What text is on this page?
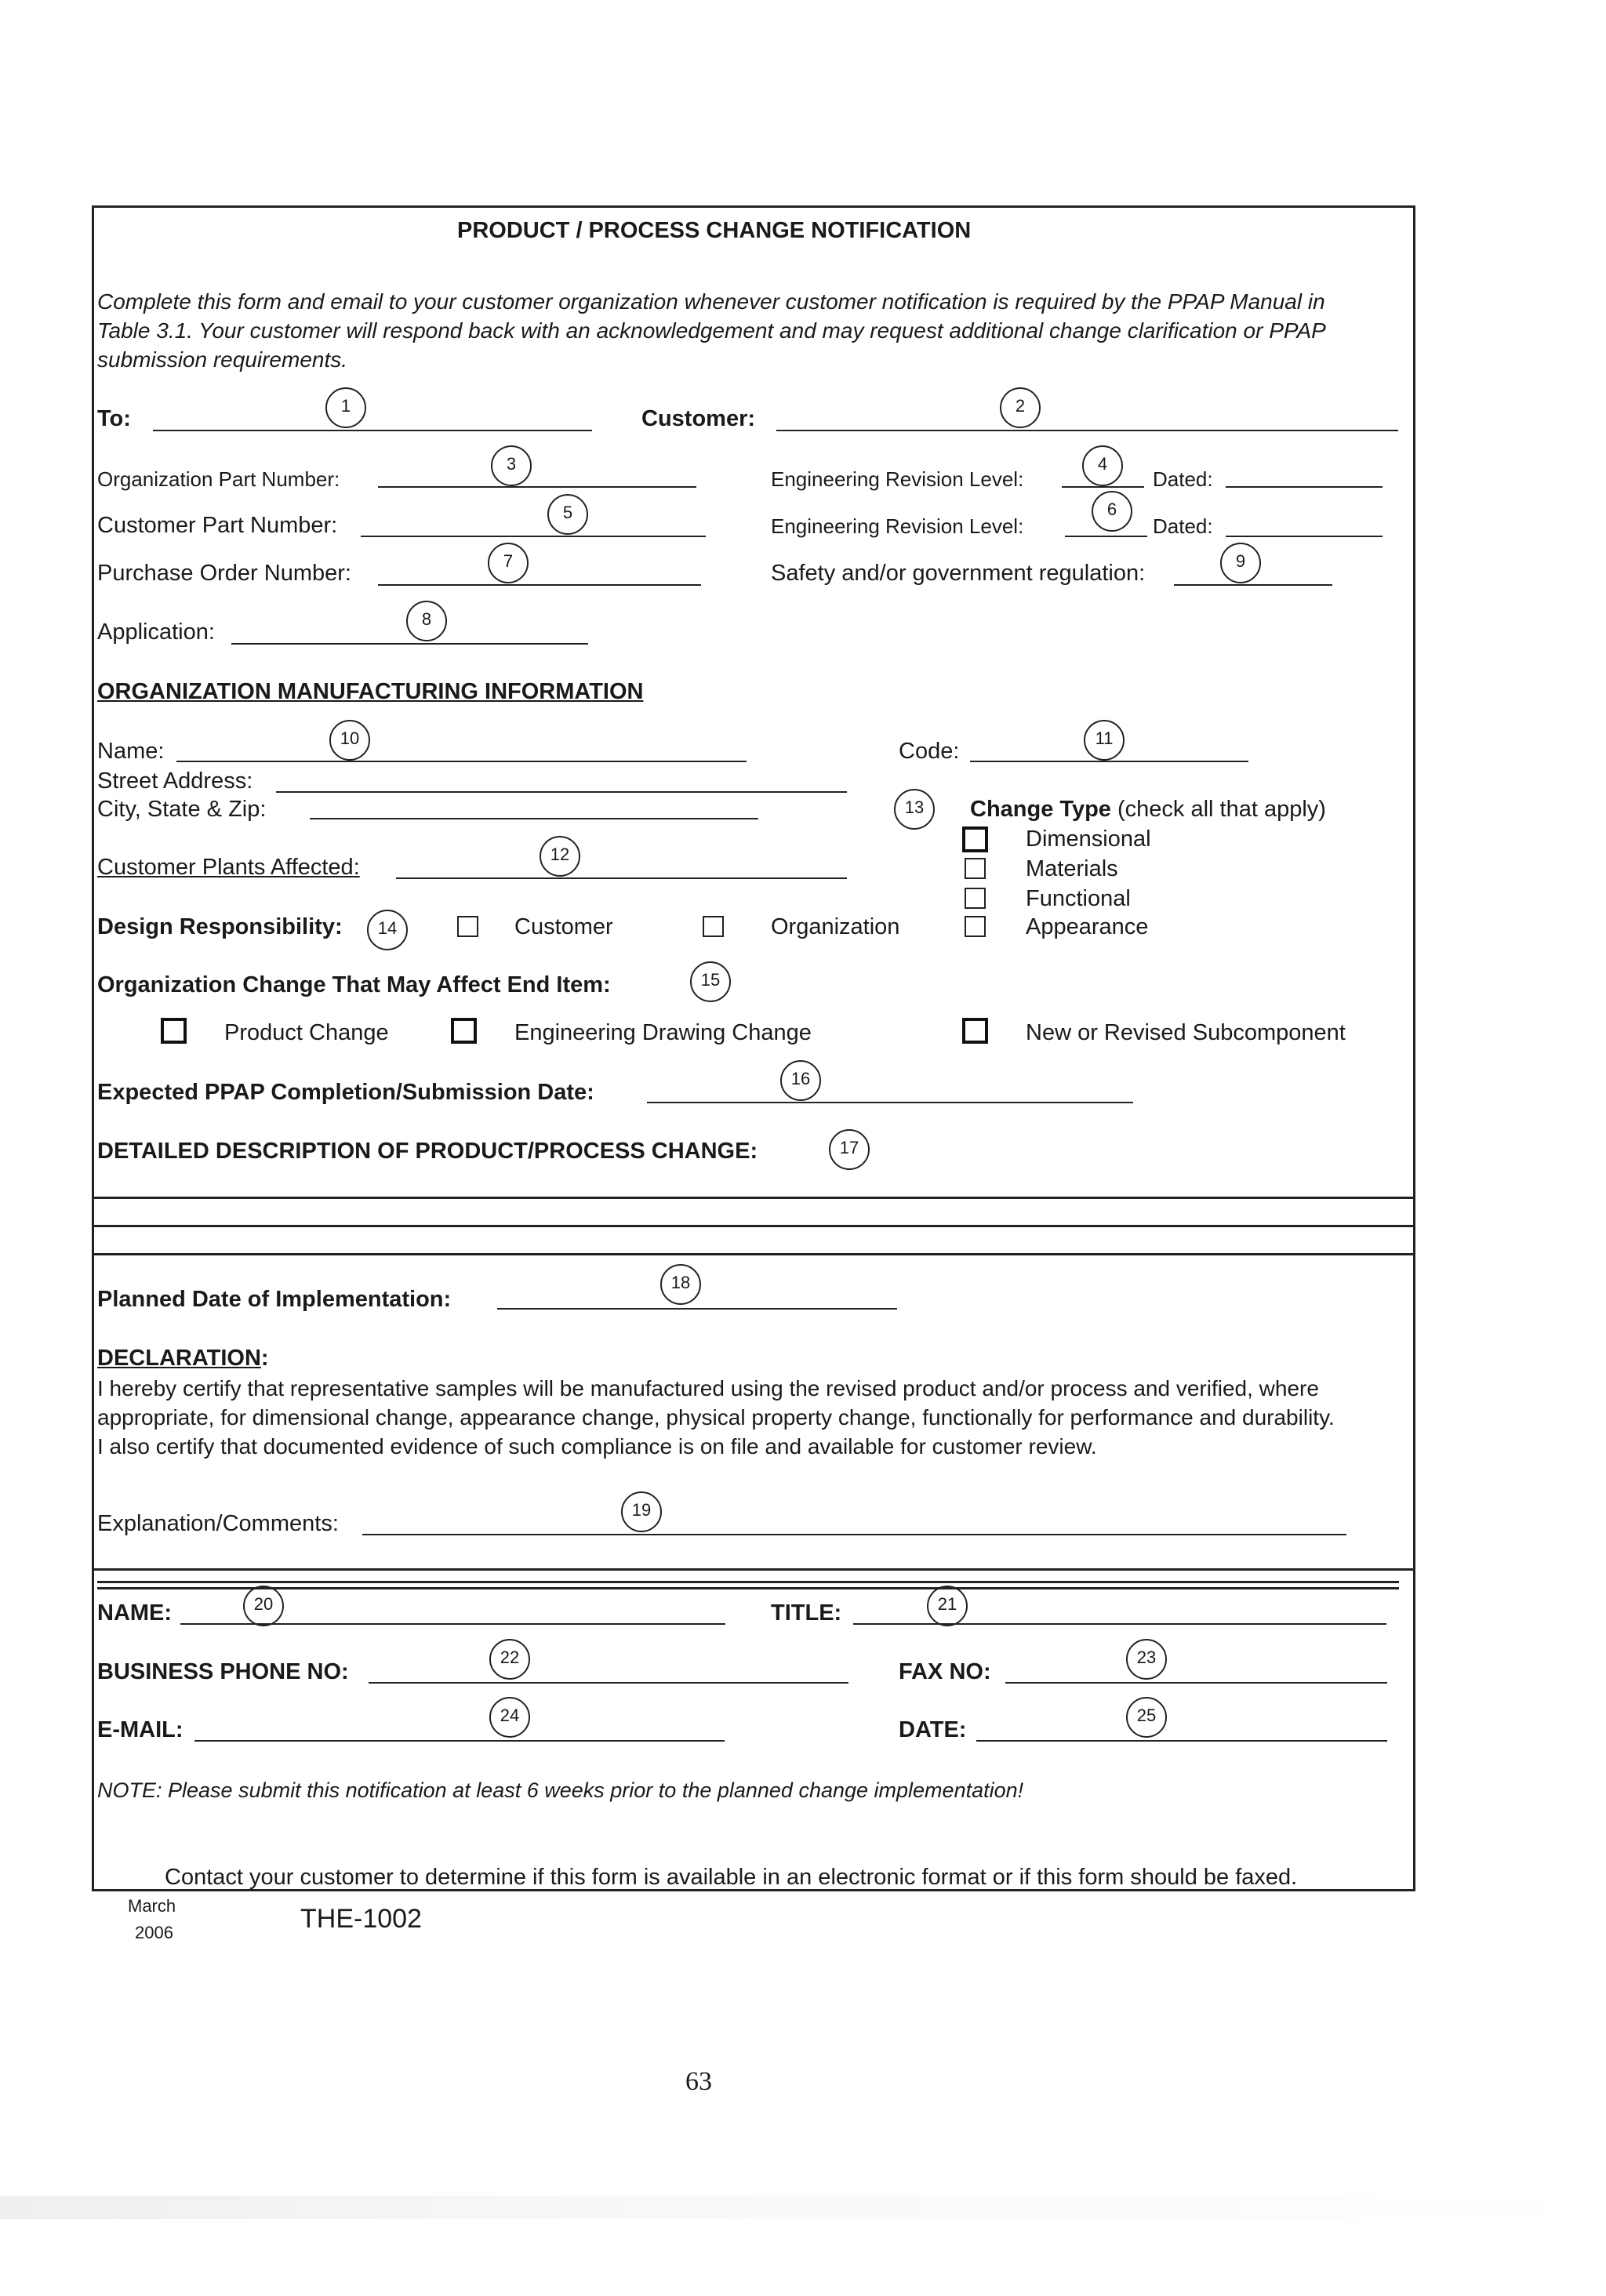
PRODUCT / PROCESS CHANGE NOTIFICATION
Complete this form and email to your customer organization whenever customer notification is required by the PPAP Manual in Table 3.1. Your customer will respond back with an acknowledgement and may request additional change clarification or PPAP submission requirements.
To:
1
Customer:
2
Organization Part Number:
3
Engineering Revision Level:
4
Dated:
Customer Part Number:
5
Engineering Revision Level:
6
Dated:
Purchase Order Number:	7	Safety and/or government regulation:	9
Application:
8
ORGANIZATION MANUFACTURING INFORMATION
Name:
10
Code:
11
Street Address:
City, State & Zip:	13	Change Type (check all that apply)
Dimensional
Materials
Functional
Appearance
Customer Plants Affected:
12
Design Responsibility:	14	Customer	Organization
Organization Change That May Affect End Item:	15
Product Change	Engineering Drawing Change	New or Revised Subcomponent
Expected PPAP Completion/Submission Date:
16
DETAILED DESCRIPTION OF PRODUCT/PROCESS CHANGE:	17
Planned Date of Implementation:
18
DECLARATION:
I hereby certify that representative samples will be manufactured using the revised product and/or process and verified, where appropriate, for dimensional change, appearance change, physical property change, functionally for performance and durability. I also certify that documented evidence of such compliance is on file and available for customer review.
Explanation/Comments:
19
NAME:	20	TITLE:	21
BUSINESS PHONE NO:
22
FAX NO:
23
E-MAIL:
24
DATE:
25
NOTE: Please submit this notification at least 6 weeks prior to the planned change implementation!
Contact your customer to determine if this form is available in an electronic format or if this form should be faxed.
March
2006	THE-1002
63
